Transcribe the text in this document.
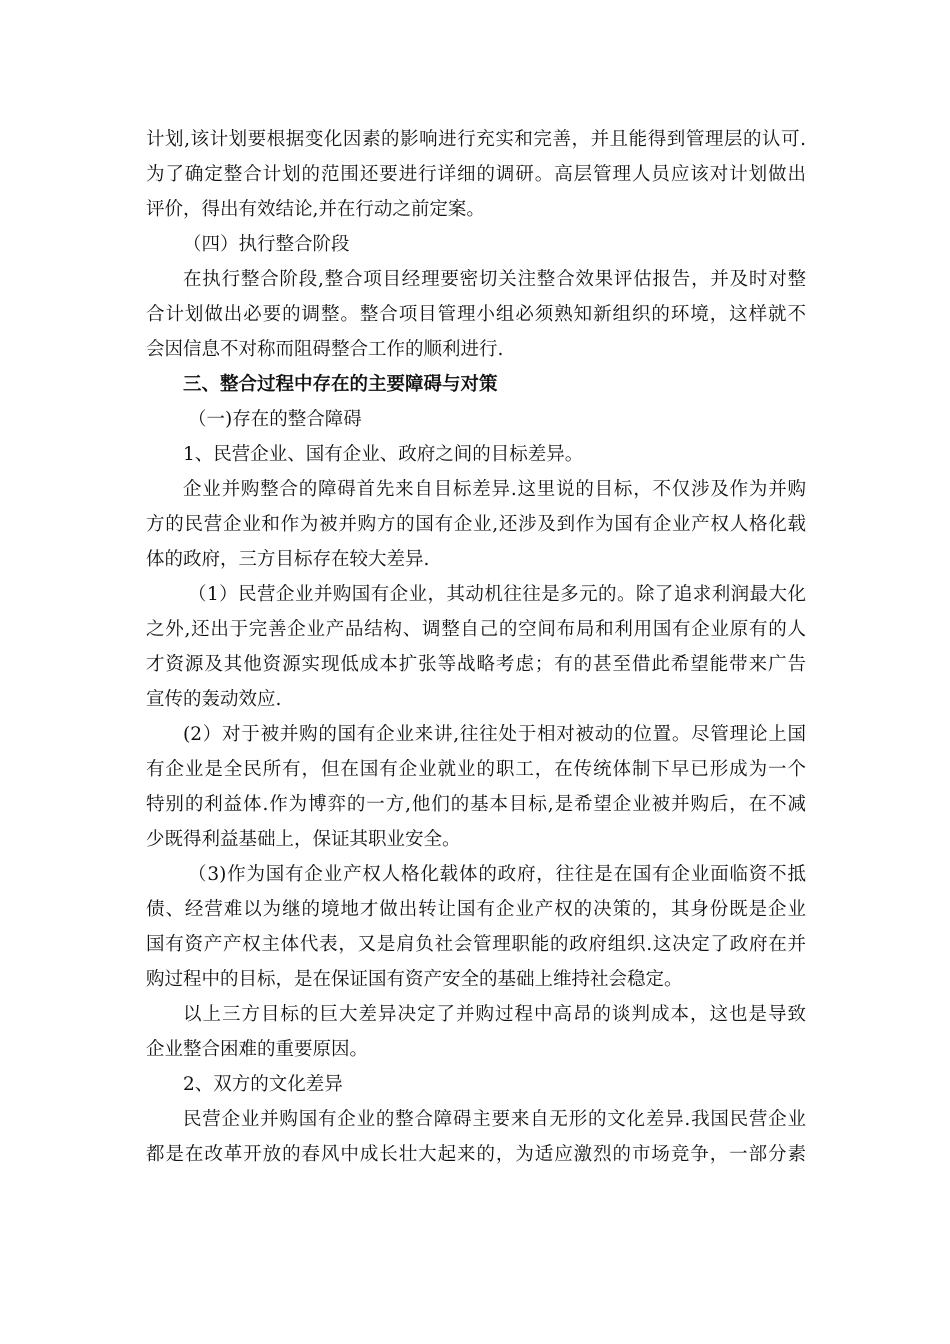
计划,该计划要根据变化因素的影响进行充实和完善，并且能得到管理层的认可.
为了确定整合计划的范围还要进行详细的调研。高层管理人员应该对计划做出
评价，得出有效结论,并在行动之前定案。
（四）执行整合阶段
在执行整合阶段,整合项目经理要密切关注整合效果评估报告，并及时对整
合计划做出必要的调整。整合项目管理小组必须熟知新组织的环境，这样就不
会因信息不对称而阻碍整合工作的顺利进行.
三、整合过程中存在的主要障碍与对策
（一)存在的整合障碍
1、民营企业、国有企业、政府之间的目标差异。
企业并购整合的障碍首先来自目标差异.这里说的目标，不仅涉及作为并购
方的民营企业和作为被并购方的国有企业,还涉及到作为国有企业产权人格化载
体的政府，三方目标存在较大差异.
（1）民营企业并购国有企业，其动机往往是多元的。除了追求利润最大化
之外,还出于完善企业产品结构、调整自己的空间布局和利用国有企业原有的人
才资源及其他资源实现低成本扩张等战略考虑；有的甚至借此希望能带来广告
宣传的轰动效应.
(2）对于被并购的国有企业来讲,往往处于相对被动的位置。尽管理论上国
有企业是全民所有，但在国有企业就业的职工，在传统体制下早已形成为一个
特别的利益体.作为博弈的一方,他们的基本目标,是希望企业被并购后，在不减
少既得利益基础上，保证其职业安全。
（3)作为国有企业产权人格化载体的政府，往往是在国有企业面临资不抵
债、经营难以为继的境地才做出转让国有企业产权的决策的，其身份既是企业
国有资产产权主体代表，又是肩负社会管理职能的政府组织.这决定了政府在并
购过程中的目标，是在保证国有资产安全的基础上维持社会稳定。
以上三方目标的巨大差异决定了并购过程中高昂的谈判成本，这也是导致
企业整合困难的重要原因。
2、双方的文化差异
民营企业并购国有企业的整合障碍主要来自无形的文化差异.我国民营企业
都是在改革开放的春风中成长壮大起来的，为适应激烈的市场竞争，一部分素
